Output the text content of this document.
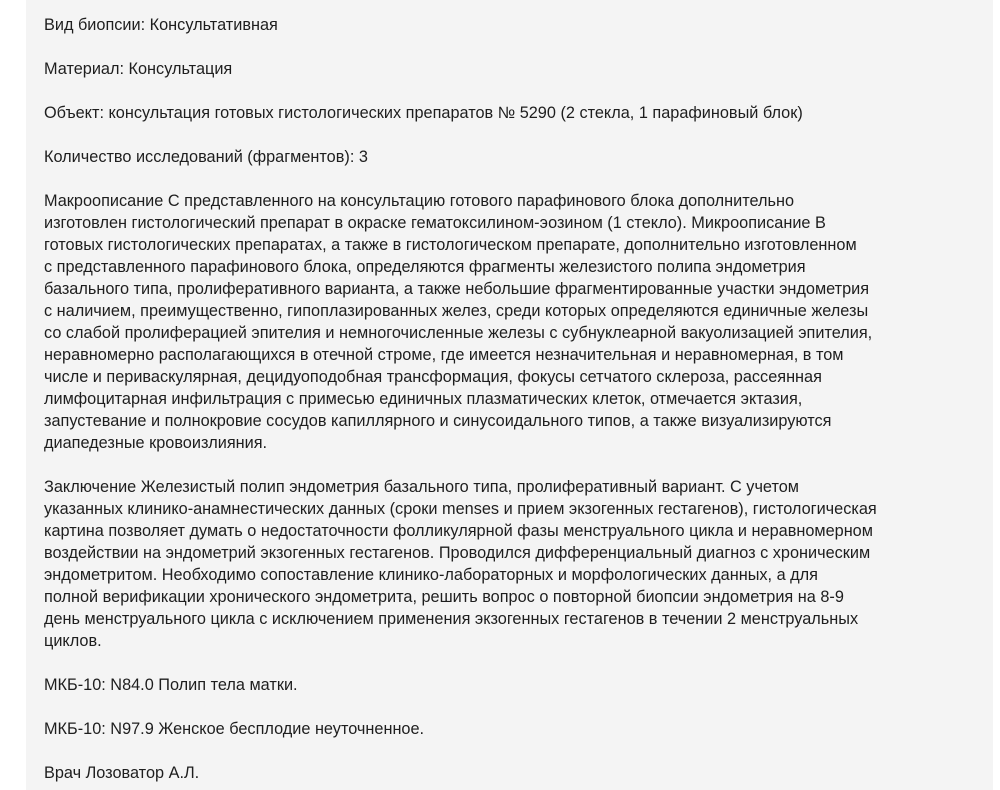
Вид биопсии: Консультативная

Материал: Консультация

Объект: консультация готовых гистологических препаратов № 5290 (2 стекла, 1 парафиновый блок)

Количество исследований (фрагментов): 3

Макроописание С представленного на консультацию готового парафинового блока дополнительно
изготовлен гистологический препарат в окраске гематоксилином-эозином (1 стекло). Микроописание В
готовых гистологических препаратах, а также в гистологическом препарате, дополнительно изготовленном
с представленного парафинового блока, определяются фрагменты железистого полипа эндометрия
базального типа, пролиферативного варианта, а также небольшие фрагментированные участки эндометрия
с наличием, преимущественно, гипоплазированных желез, среди которых определяются единичные железы
со слабой пролиферацией эпителия и немногочисленные железы с субнуклеарной вакуолизацией эпителия,
неравномерно располагающихся в отечной строме, где имеется незначительная и неравномерная, в том
числе и периваскулярная, децидуоподобная трансформация, фокусы сетчатого склероза, рассеянная
лимфоцитарная инфильтрация с примесью единичных плазматических клеток, отмечается эктазия,
запустевание и полнокровие сосудов капиллярного и синусоидального типов, а также визуализируются
диапедезные кровоизлияния.
Заключение Железистый полип эндометрия базального типа, пролиферативный вариант. С учетом
указанных клинико-анамнестических данных (сроки menses и прием экзогенных гестагенов), гистологическая
картина позволяет думать о недостаточности фолликулярной фазы менструального цикла и неравномерном
воздействии на эндометрий экзогенных гестагенов. Проводился дифференциальный диагноз с хроническим
эндометритом. Необходимо сопоставление клинико-лабораторных и морфологических данных, а для
полной верификации хронического эндометрита, решить вопрос о повторной биопсии эндометрия на 8-9
день менструального цикла с исключением применения экзогенных гестагенов в течении 2 менструальных
циклов.

МКБ-10: N84.0 Полип тела матки.

МКБ-10: N97.9 Женское бесплодие неуточненное.

Врач Лозоватор А.Л.
